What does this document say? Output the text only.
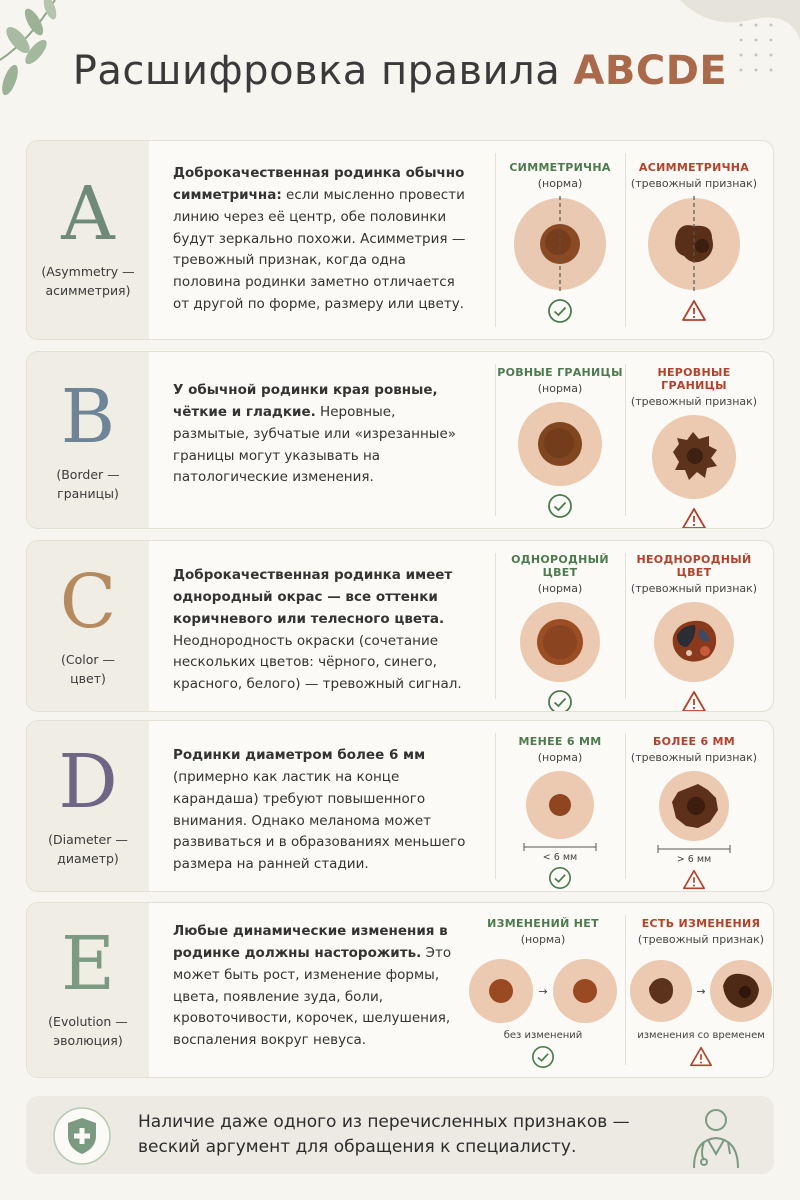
Расшифровка правила ABCDE
A
(Asymmetry —
асимметрия)
Доброкачественная родинка обычно симметрична: если мысленно провести линию через её центр, обе половинки будут зеркально похожи. Асимметрия — тревожный признак, когда одна половина родинки заметно отличается от другой по форме, размеру или цвету.
СИММЕТРИЧНА
(норма)
АСИММЕТРИЧНА
(тревожный признак)
B
(Border —
границы)
У обычной родинки края ровные, чёткие и гладкие. Неровные, размытые, зубчатые или «изрезанные» границы могут указывать на патологические изменения.
РОВНЫЕ ГРАНИЦЫ
(норма)
НЕРОВНЫЕ ГРАНИЦЫ
(тревожный признак)
C
(Color —
цвет)
Доброкачественная родинка имеет однородный окрас — все оттенки коричневого или телесного цвета. Неоднородность окраски (сочетание нескольких цветов: чёрного, синего, красного, белого) — тревожный сигнал.
ОДНОРОДНЫЙ ЦВЕТ
(норма)
НЕОДНОРОДНЫЙ ЦВЕТ
(тревожный признак)
D
(Diameter —
диаметр)
Родинки диаметром более 6 мм (примерно как ластик на конце карандаша) требуют повышенного внимания. Однако меланома может развиваться и в образованиях меньшего размера на ранней стадии.
МЕНЕЕ 6 ММ
(норма)
< 6 мм
БОЛЕЕ 6 ММ
(тревожный признак)
> 6 мм
E
(Evolution —
эволюция)
Любые динамические изменения в родинке должны насторожить. Это может быть рост, изменение формы, цвета, появление зуда, боли, кровоточивости, корочек, шелушения, воспаления вокруг невуса.
ИЗМЕНЕНИЙ НЕТ
(норма)
→
без изменений
ЕСТЬ ИЗМЕНЕНИЯ
(тревожный признак)
→
изменения со временем
Наличие даже одного из перечисленных признаков — веский аргумент для обращения к специалисту.
